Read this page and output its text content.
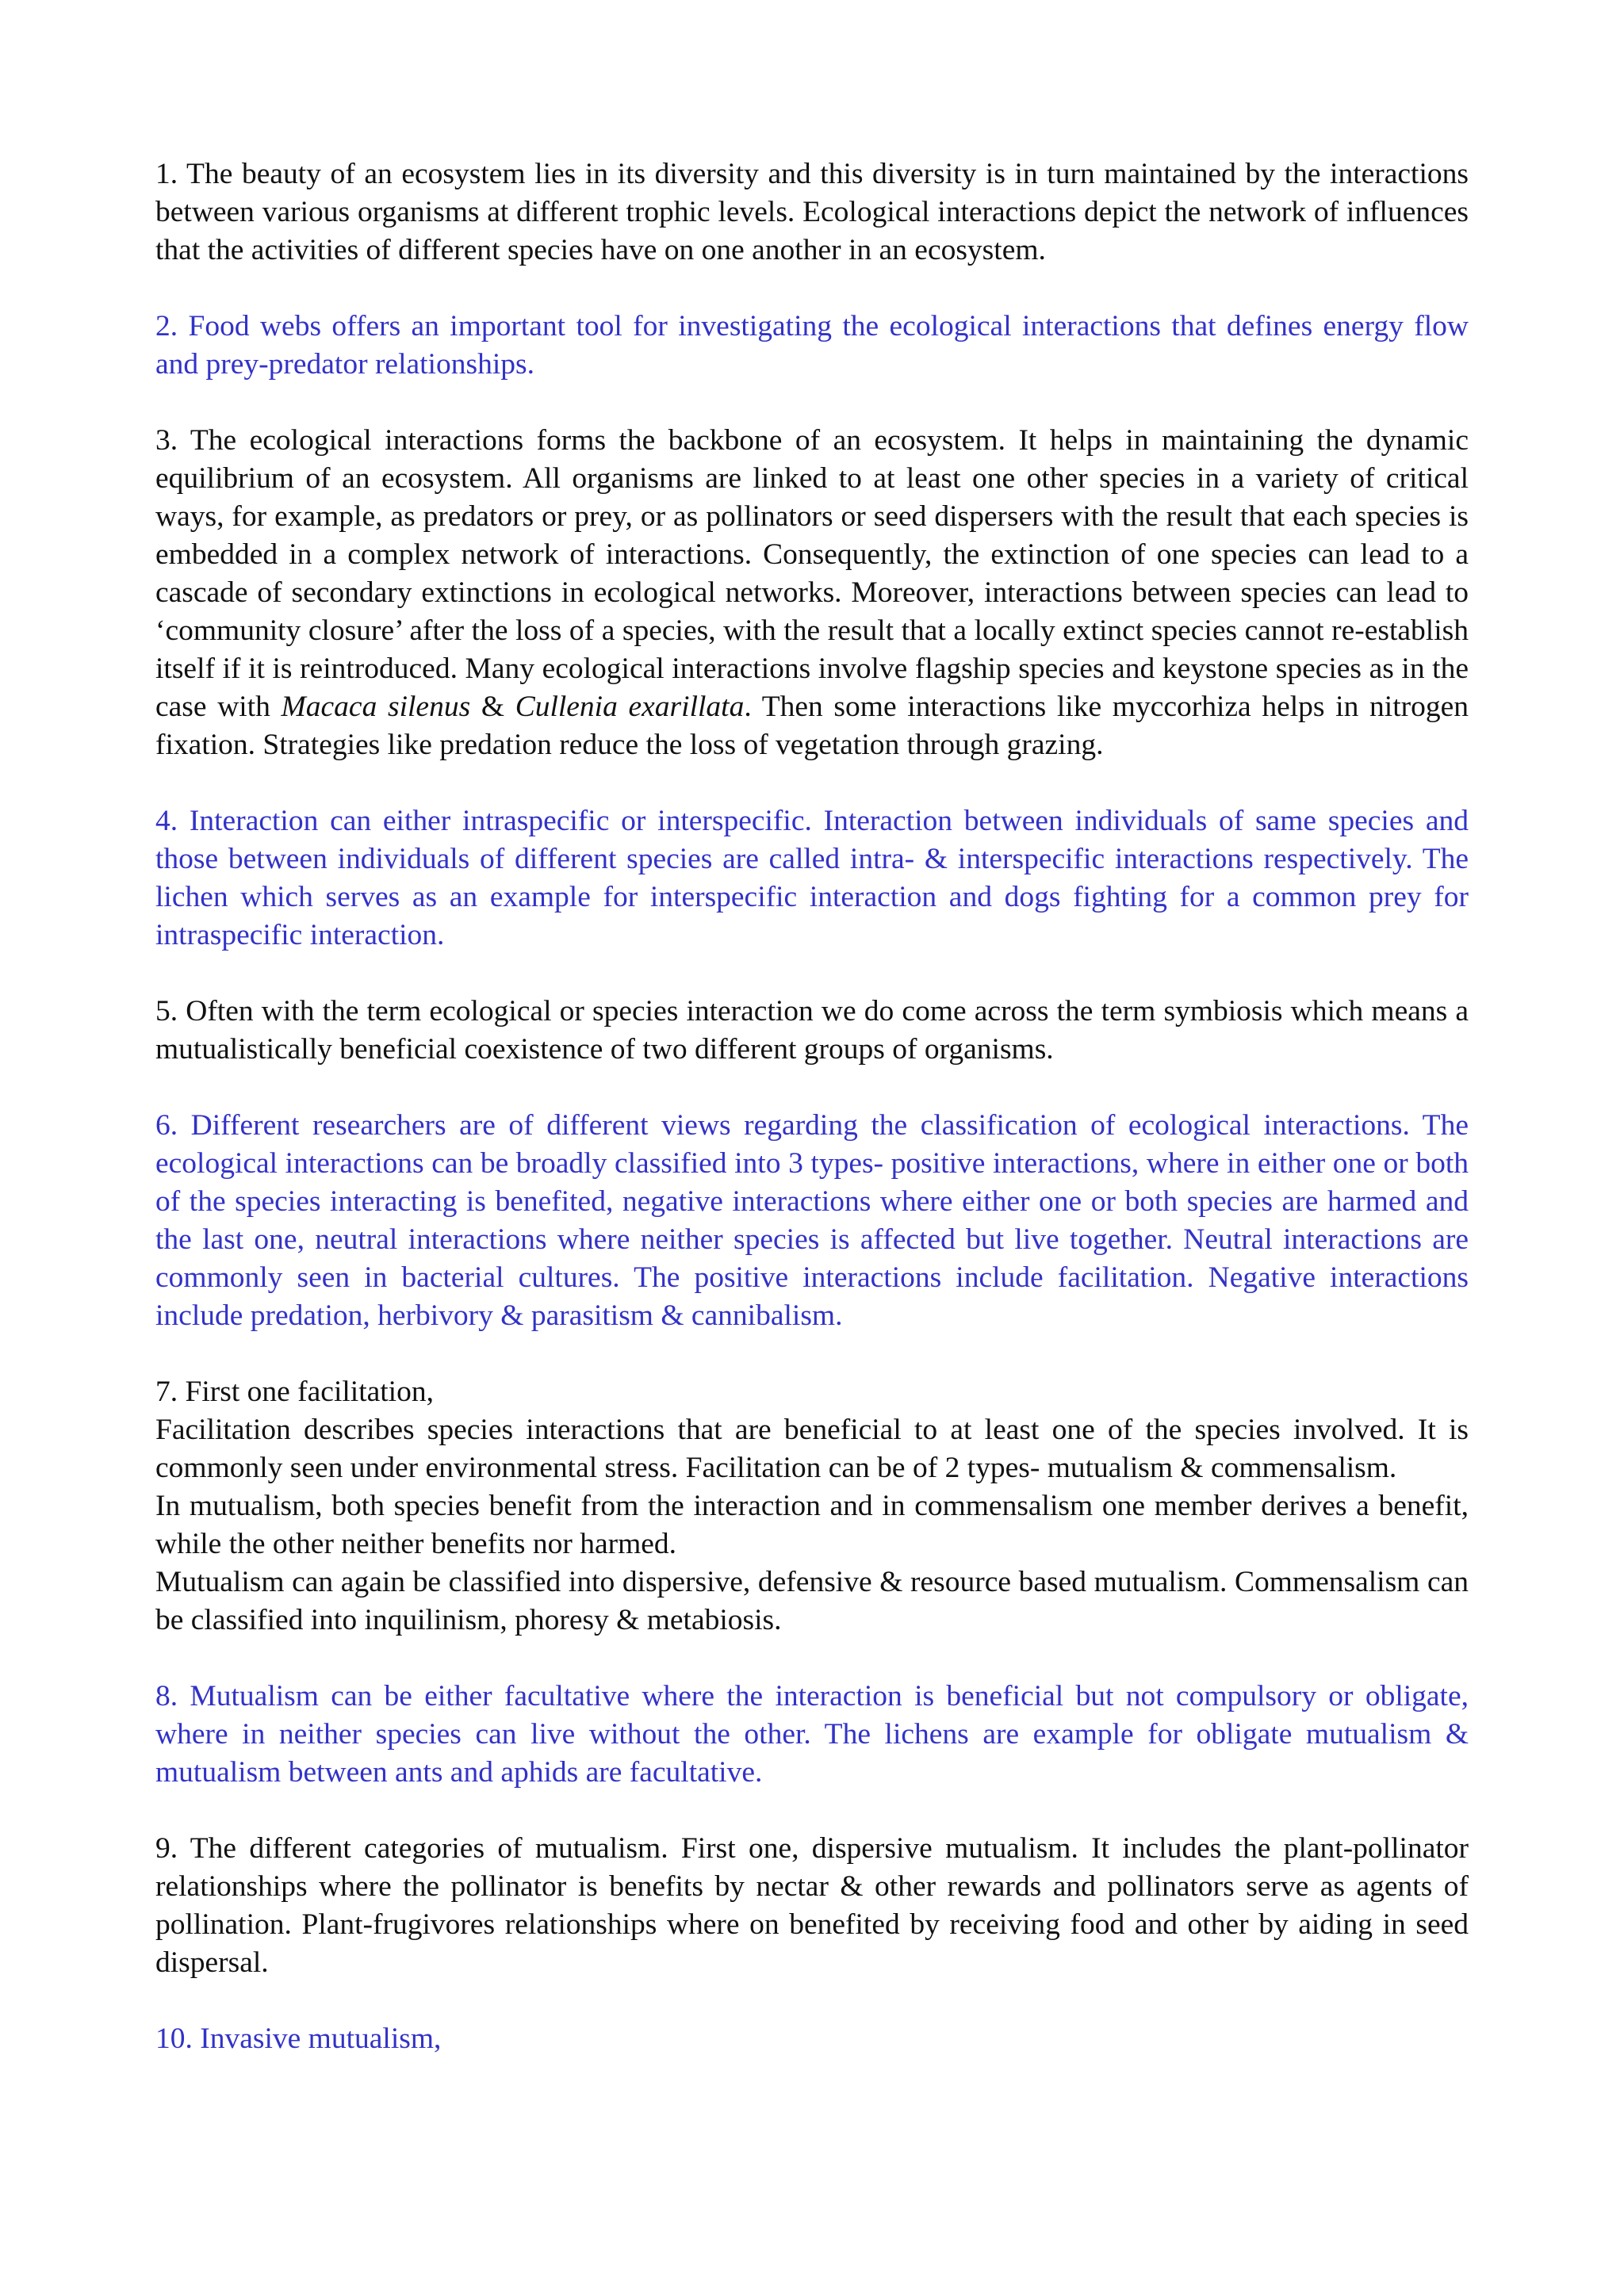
1. The beauty of an ecosystem lies in its diversity and this diversity is in turn maintained by the interactions between various organisms at different trophic levels. Ecological interactions depict the network of influences that the activities of different species have on one another in an ecosystem.

2. Food webs offers an important tool for investigating the ecological interactions that defines energy flow and prey-predator relationships.

3. The ecological interactions forms the backbone of an ecosystem. It helps in maintaining the dynamic equilibrium of an ecosystem. All organisms are linked to at least one other species in a variety of critical ways, for example, as predators or prey, or as pollinators or seed dispersers with the result that each species is embedded in a complex network of interactions. Consequently, the extinction of one species can lead to a cascade of secondary extinctions in ecological networks. Moreover, interactions between species can lead to ‘community closure’ after the loss of a species, with the result that a locally extinct species cannot re-establish itself if it is reintroduced. Many ecological interactions involve flagship species and keystone species as in the case with Macaca silenus & Cullenia exarillata. Then some interactions like myccorhiza helps in nitrogen fixation. Strategies like predation reduce the loss of vegetation through grazing.

4. Interaction can either intraspecific or interspecific. Interaction between individuals of same species and those between individuals of different species are called intra- & interspecific interactions respectively. The lichen which serves as an example for interspecific interaction and dogs fighting for a common prey for intraspecific interaction.

5. Often with the term ecological or species interaction we do come across the term symbiosis which means a mutualistically beneficial coexistence of two different groups of organisms.

6. Different researchers are of different views regarding the classification of ecological interactions. The ecological interactions can be broadly classified into 3 types- positive interactions, where in either one or both of the species interacting is benefited, negative interactions where either one or both species are harmed and the last one, neutral interactions where neither species is affected but live together. Neutral interactions are commonly seen in bacterial cultures. The positive interactions include facilitation. Negative interactions include predation, herbivory & parasitism & cannibalism.

7. First one facilitation,
Facilitation describes species interactions that are beneficial to at least one of the species involved. It is commonly seen under environmental stress. Facilitation can be of 2 types- mutualism & commensalism.
In mutualism, both species benefit from the interaction and in commensalism one member derives a benefit, while the other neither benefits nor harmed.
Mutualism can again be classified into dispersive, defensive & resource based mutualism. Commensalism can be classified into inquilinism, phoresy & metabiosis.

8. Mutualism can be either facultative where the interaction is beneficial but not compulsory or obligate, where in neither species can live without the other. The lichens are example for obligate mutualism & mutualism between ants and aphids are facultative.

9. The different categories of mutualism. First one, dispersive mutualism. It includes the plant-pollinator relationships where the pollinator is benefits by nectar & other rewards and pollinators serve as agents of pollination. Plant-frugivores relationships where on benefited by receiving food and other by aiding in seed dispersal.

10. Invasive mutualism,
